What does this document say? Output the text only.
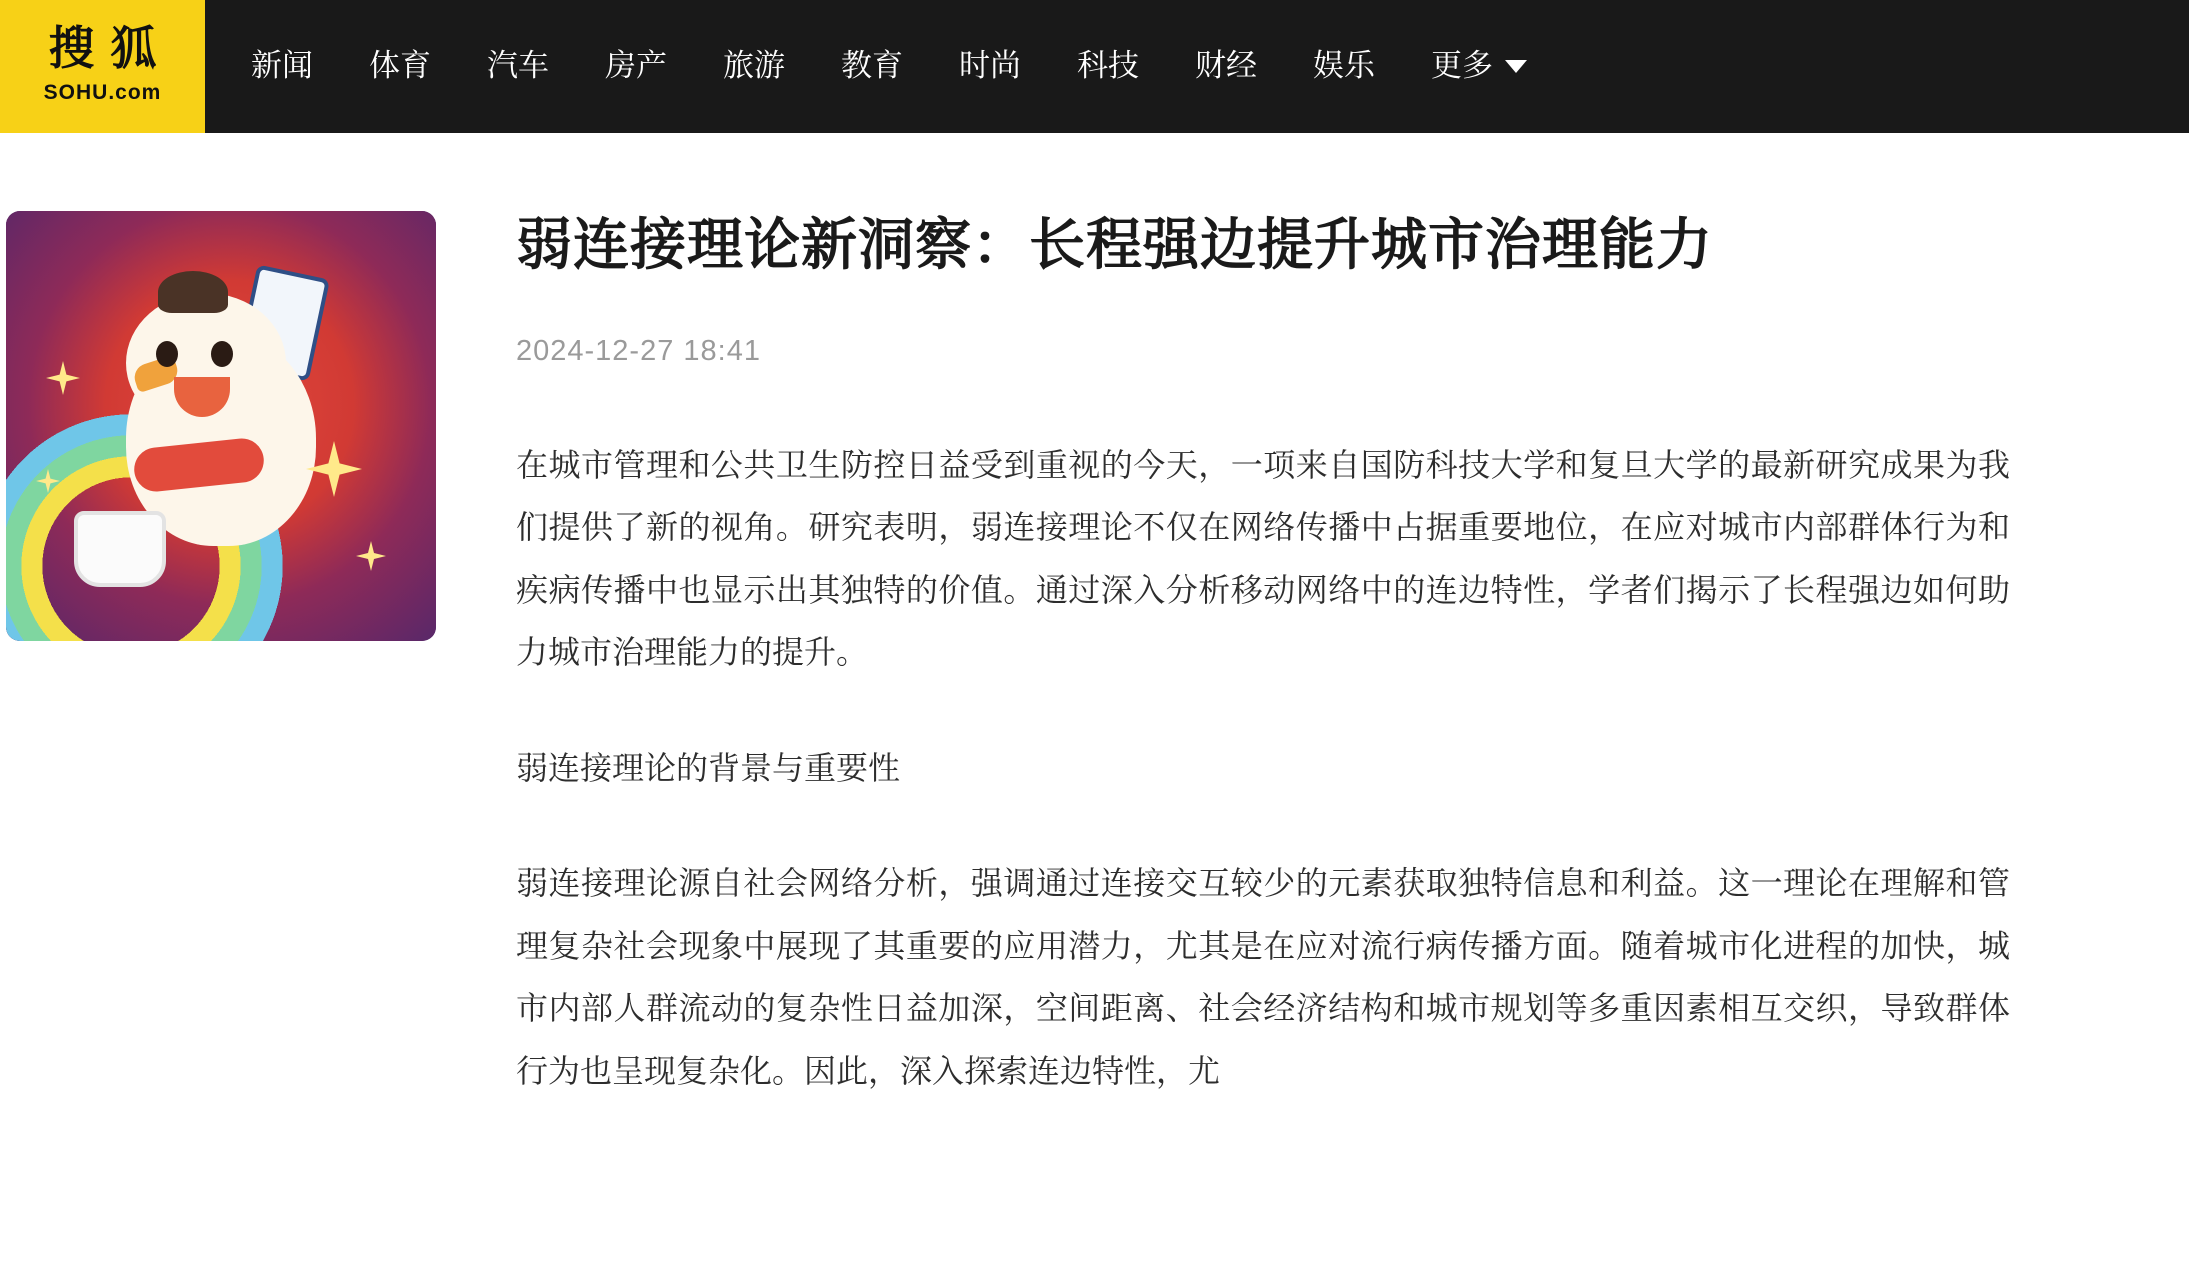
搜 狐
SOHU.com
新闻	体育	汽车	房产	旅游	教育	时尚	科技	财经	娱乐	更多
弱连接理论新洞察：长程强边提升城市治理能力
2024-12-27 18:41

在城市管理和公共卫生防控日益受到重视的今天，一项来自国防科技大学和复旦大学的最新研究成果为我们提供了新的视角。研究表明，弱连接理论不仅在网络传播中占据重要地位，在应对城市内部群体行为和疾病传播中也显示出其独特的价值。通过深入分析移动网络中的连边特性，学者们揭示了长程强边如何助力城市治理能力的提升。

弱连接理论的背景与重要性

弱连接理论源自社会网络分析，强调通过连接交互较少的元素获取独特信息和利益。这一理论在理解和管理复杂社会现象中展现了其重要的应用潜力，尤其是在应对流行病传播方面。随着城市化进程的加快，城市内部人群流动的复杂性日益加深，空间距离、社会经济结构和城市规划等多重因素相互交织，导致群体行为也呈现复杂化。因此，深入探索连边特性，尤
